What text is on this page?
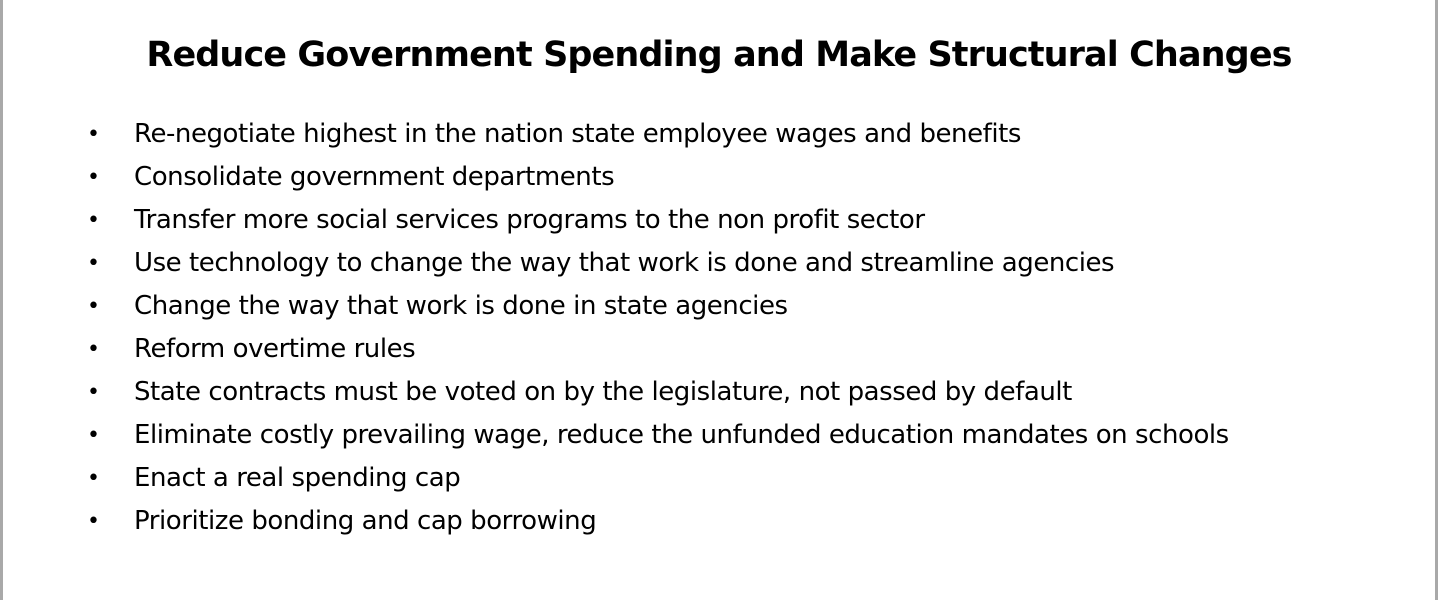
Reduce Government Spending and Make Structural Changes
•	Re-negotiate highest in the nation state employee wages and benefits
•	Consolidate government departments
•	Transfer more social services programs to the non profit sector
•	Use technology to change the way that work is done and streamline agencies
•	Change the way that work is done in state agencies
•	Reform overtime rules
•	State contracts must be voted on by the legislature, not passed by default
•	Eliminate costly prevailing wage, reduce the unfunded education mandates on schools
•	Enact a real spending cap
•	Prioritize bonding and cap borrowing
